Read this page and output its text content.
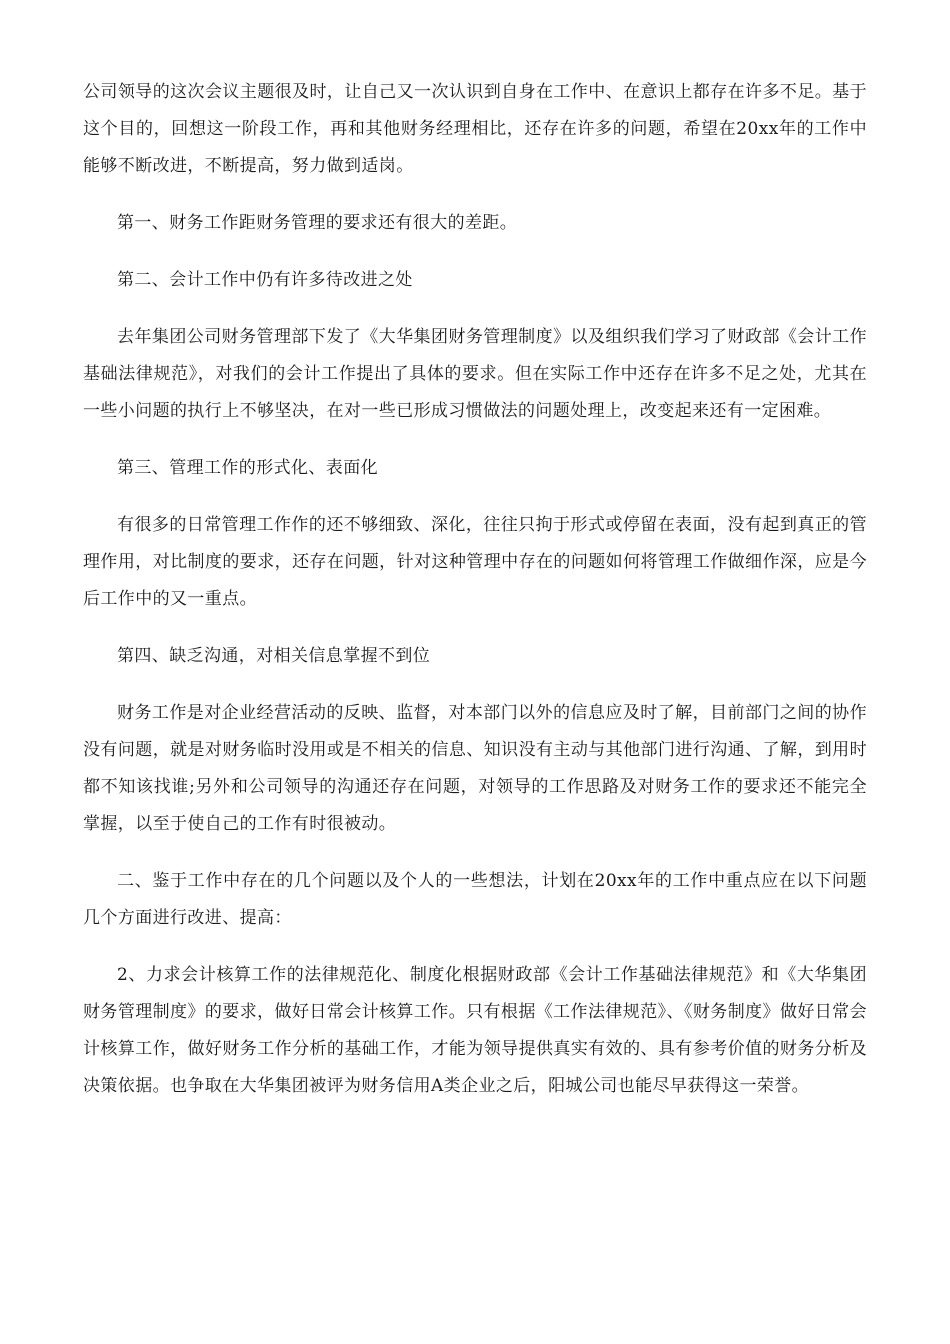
公司领导的这次会议主题很及时，让自己又一次认识到自身在工作中、在意识上都存在许多不足。基于这个目的，回想这一阶段工作，再和其他财务经理相比，还存在许多的问题，希望在20xx年的工作中能够不断改进，不断提高，努力做到适岗。

第一、财务工作距财务管理的要求还有很大的差距。

第二、会计工作中仍有许多待改进之处

去年集团公司财务管理部下发了《大华集团财务管理制度》以及组织我们学习了财政部《会计工作基础法律规范》，对我们的会计工作提出了具体的要求。但在实际工作中还存在许多不足之处，尤其在一些小问题的执行上不够坚决，在对一些已形成习惯做法的问题处理上，改变起来还有一定困难。

第三、管理工作的形式化、表面化

有很多的日常管理工作作的还不够细致、深化，往往只拘于形式或停留在表面，没有起到真正的管理作用，对比制度的要求，还存在问题，针对这种管理中存在的问题如何将管理工作做细作深，应是今后工作中的又一重点。

第四、缺乏沟通，对相关信息掌握不到位

财务工作是对企业经营活动的反映、监督，对本部门以外的信息应及时了解，目前部门之间的协作没有问题，就是对财务临时没用或是不相关的信息、知识没有主动与其他部门进行沟通、了解，到用时都不知该找谁;另外和公司领导的沟通还存在问题，对领导的工作思路及对财务工作的要求还不能完全掌握，以至于使自己的工作有时很被动。

二、鉴于工作中存在的几个问题以及个人的一些想法，计划在20xx年的工作中重点应在以下问题几个方面进行改进、提高：

2、力求会计核算工作的法律规范化、制度化根据财政部《会计工作基础法律规范》和《大华集团财务管理制度》的要求，做好日常会计核算工作。只有根据《工作法律规范》、《财务制度》做好日常会计核算工作，做好财务工作分析的基础工作，才能为领导提供真实有效的、具有参考价值的财务分析及决策依据。也争取在大华集团被评为财务信用A类企业之后，阳城公司也能尽早获得这一荣誉。
